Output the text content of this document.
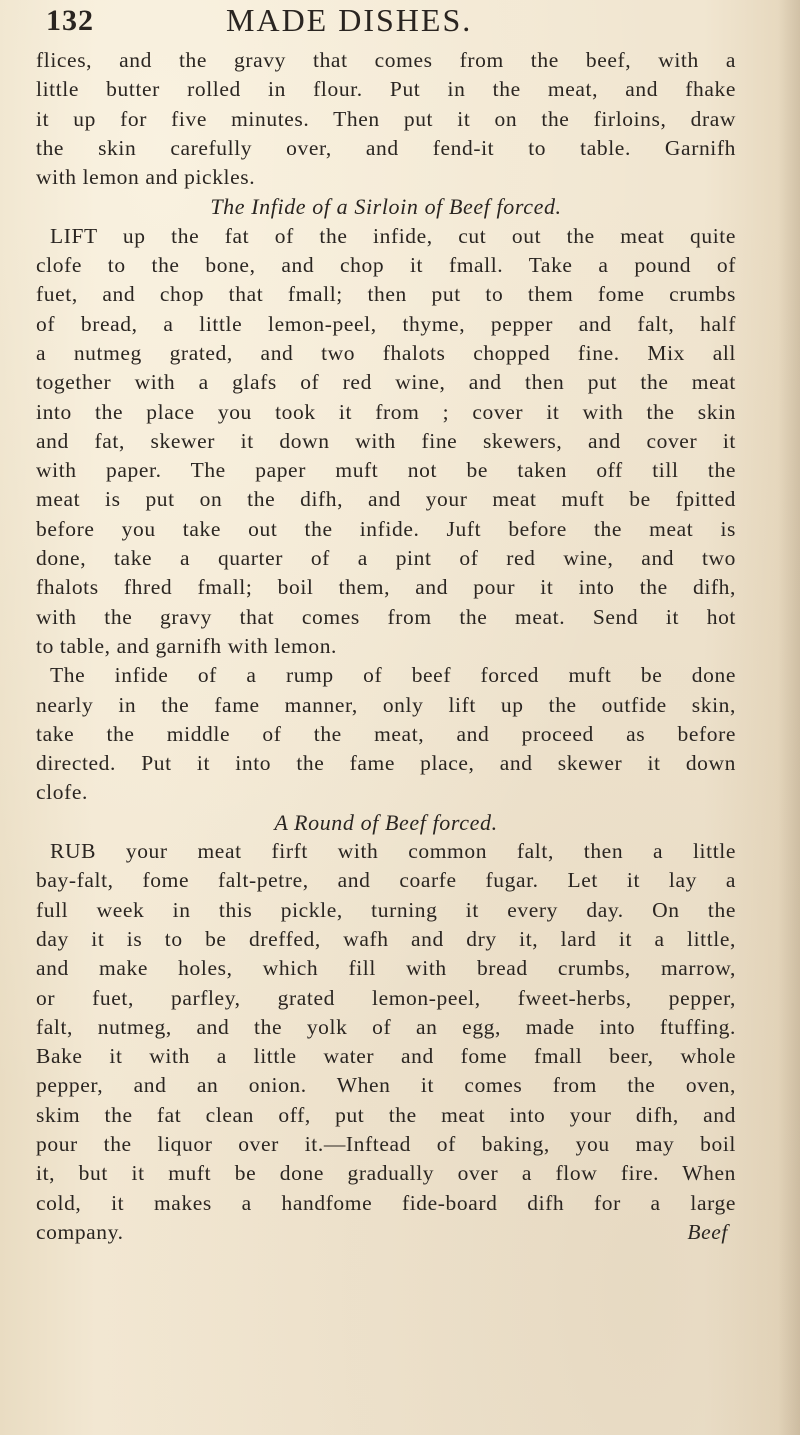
132	MADE DISHES.
flices, and the gravy that comes from the beef, with a
little butter rolled in flour. Put in the meat, and fhake
it up for five minutes. Then put it on the firloins, draw
the skin carefully over, and fend-it to table. Garnifh
with lemon and pickles.
The Infide of a Sirloin of Beef forced.
LIFT up the fat of the infide, cut out the meat quite
clofe to the bone, and chop it fmall. Take a pound of
fuet, and chop that fmall; then put to them fome crumbs
of bread, a little lemon-peel, thyme, pepper and falt, half
a nutmeg grated, and two fhalots chopped fine. Mix all
together with a glafs of red wine, and then put the meat
into the place you took it from ; cover it with the skin
and fat, skewer it down with fine skewers, and cover it
with paper. The paper muft not be taken off till the
meat is put on the difh, and your meat muft be fpitted
before you take out the infide. Juft before the meat is
done, take a quarter of a pint of red wine, and two
fhalots fhred fmall; boil them, and pour it into the difh,
with the gravy that comes from the meat. Send it hot
to table, and garnifh with lemon.
The infide of a rump of beef forced muft be done
nearly in the fame manner, only lift up the outfide skin,
take the middle of the meat, and proceed as before
directed. Put it into the fame place, and skewer it down
clofe.
A Round of Beef forced.
RUB your meat firft with common falt, then a little
bay-falt, fome falt-petre, and coarfe fugar. Let it lay a
full week in this pickle, turning it every day. On the
day it is to be dreffed, wafh and dry it, lard it a little,
and make holes, which fill with bread crumbs, marrow,
or fuet, parfley, grated lemon-peel, fweet-herbs, pepper,
falt, nutmeg, and the yolk of an egg, made into ftuffing.
Bake it with a little water and fome fmall beer, whole
pepper, and an onion. When it comes from the oven,
skim the fat clean off, put the meat into your difh, and
pour the liquor over it.—Inftead of baking, you may boil
it, but it muft be done gradually over a flow fire. When
cold, it makes a handfome fide-board difh for a large
company.	Beef
